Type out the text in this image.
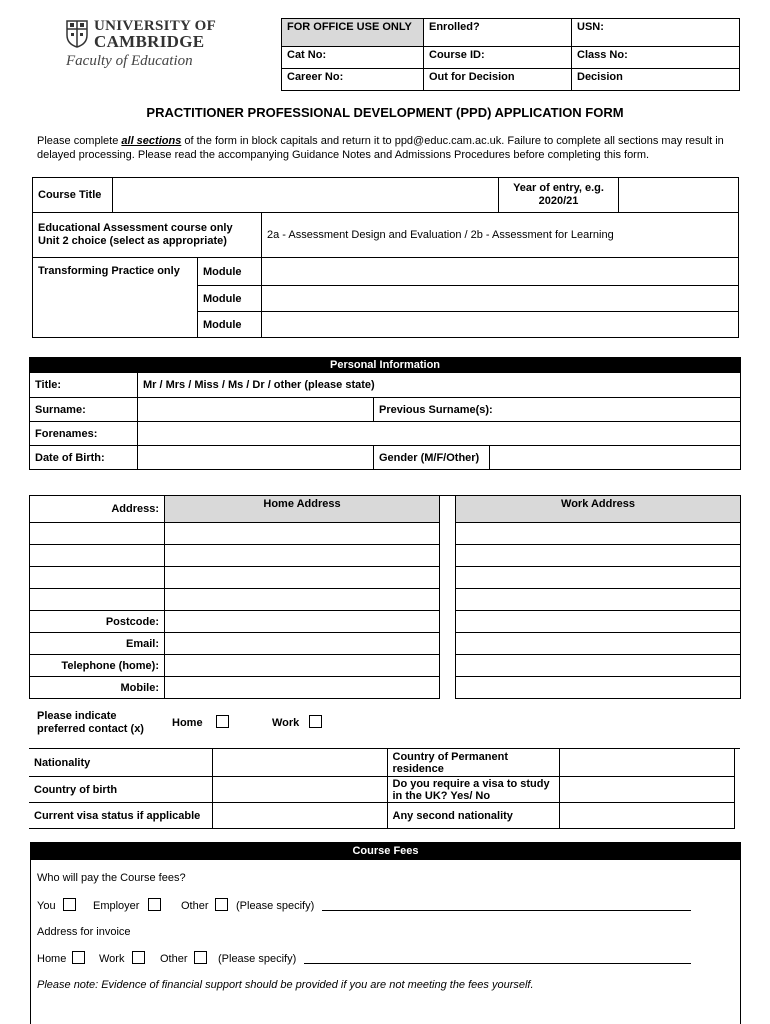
UNIVERSITY OF
CAMBRIDGE
Faculty of Education
FOR OFFICE USE ONLY	Enrolled?	USN:
Cat No:	Course ID:	Class No:
Career No:	Out for Decision	Decision
PRACTITIONER PROFESSIONAL DEVELOPMENT (PPD) APPLICATION FORM
Please complete all sections of the form in block capitals and return it to ppd@educ.cam.ac.uk. Failure to complete all sections may result in delayed processing. Please read the accompanying Guidance Notes and Admissions Procedures before completing this form.
Course Title				Year of entry, e.g. 2020/21	
Educational Assessment course only Unit 2 choice (select as appropriate)			2a - Assessment Design and Evaluation / 2b - Assessment for Learning		
Transforming Practice only		Module			
		Module			
		Module			
Personal Information			
Title:	Mr / Mrs / Miss / Ms / Dr / other (please state)		
Surname:		Previous Surname(s):	
Forenames:			
Date of Birth:		Gender (M/F/Other)	
Address:	Home Address		Work Address

Postcode:			
Email:			
Telephone (home):			
Mobile:			
Please indicate preferred contact (x)	Home	Work
Nationality		Country of Permanent residence		
Country of birth		Do you require a visa to study in the UK? Yes/ No		
Current visa status if applicable		Any second nationality		
Course Fees
Who will pay the Course fees?
You	Employer	Other (Please specify)
Address for invoice
Home	Work	Other	(Please specify)
Please note: Evidence of financial support should be provided if you are not meeting the fees yourself.
